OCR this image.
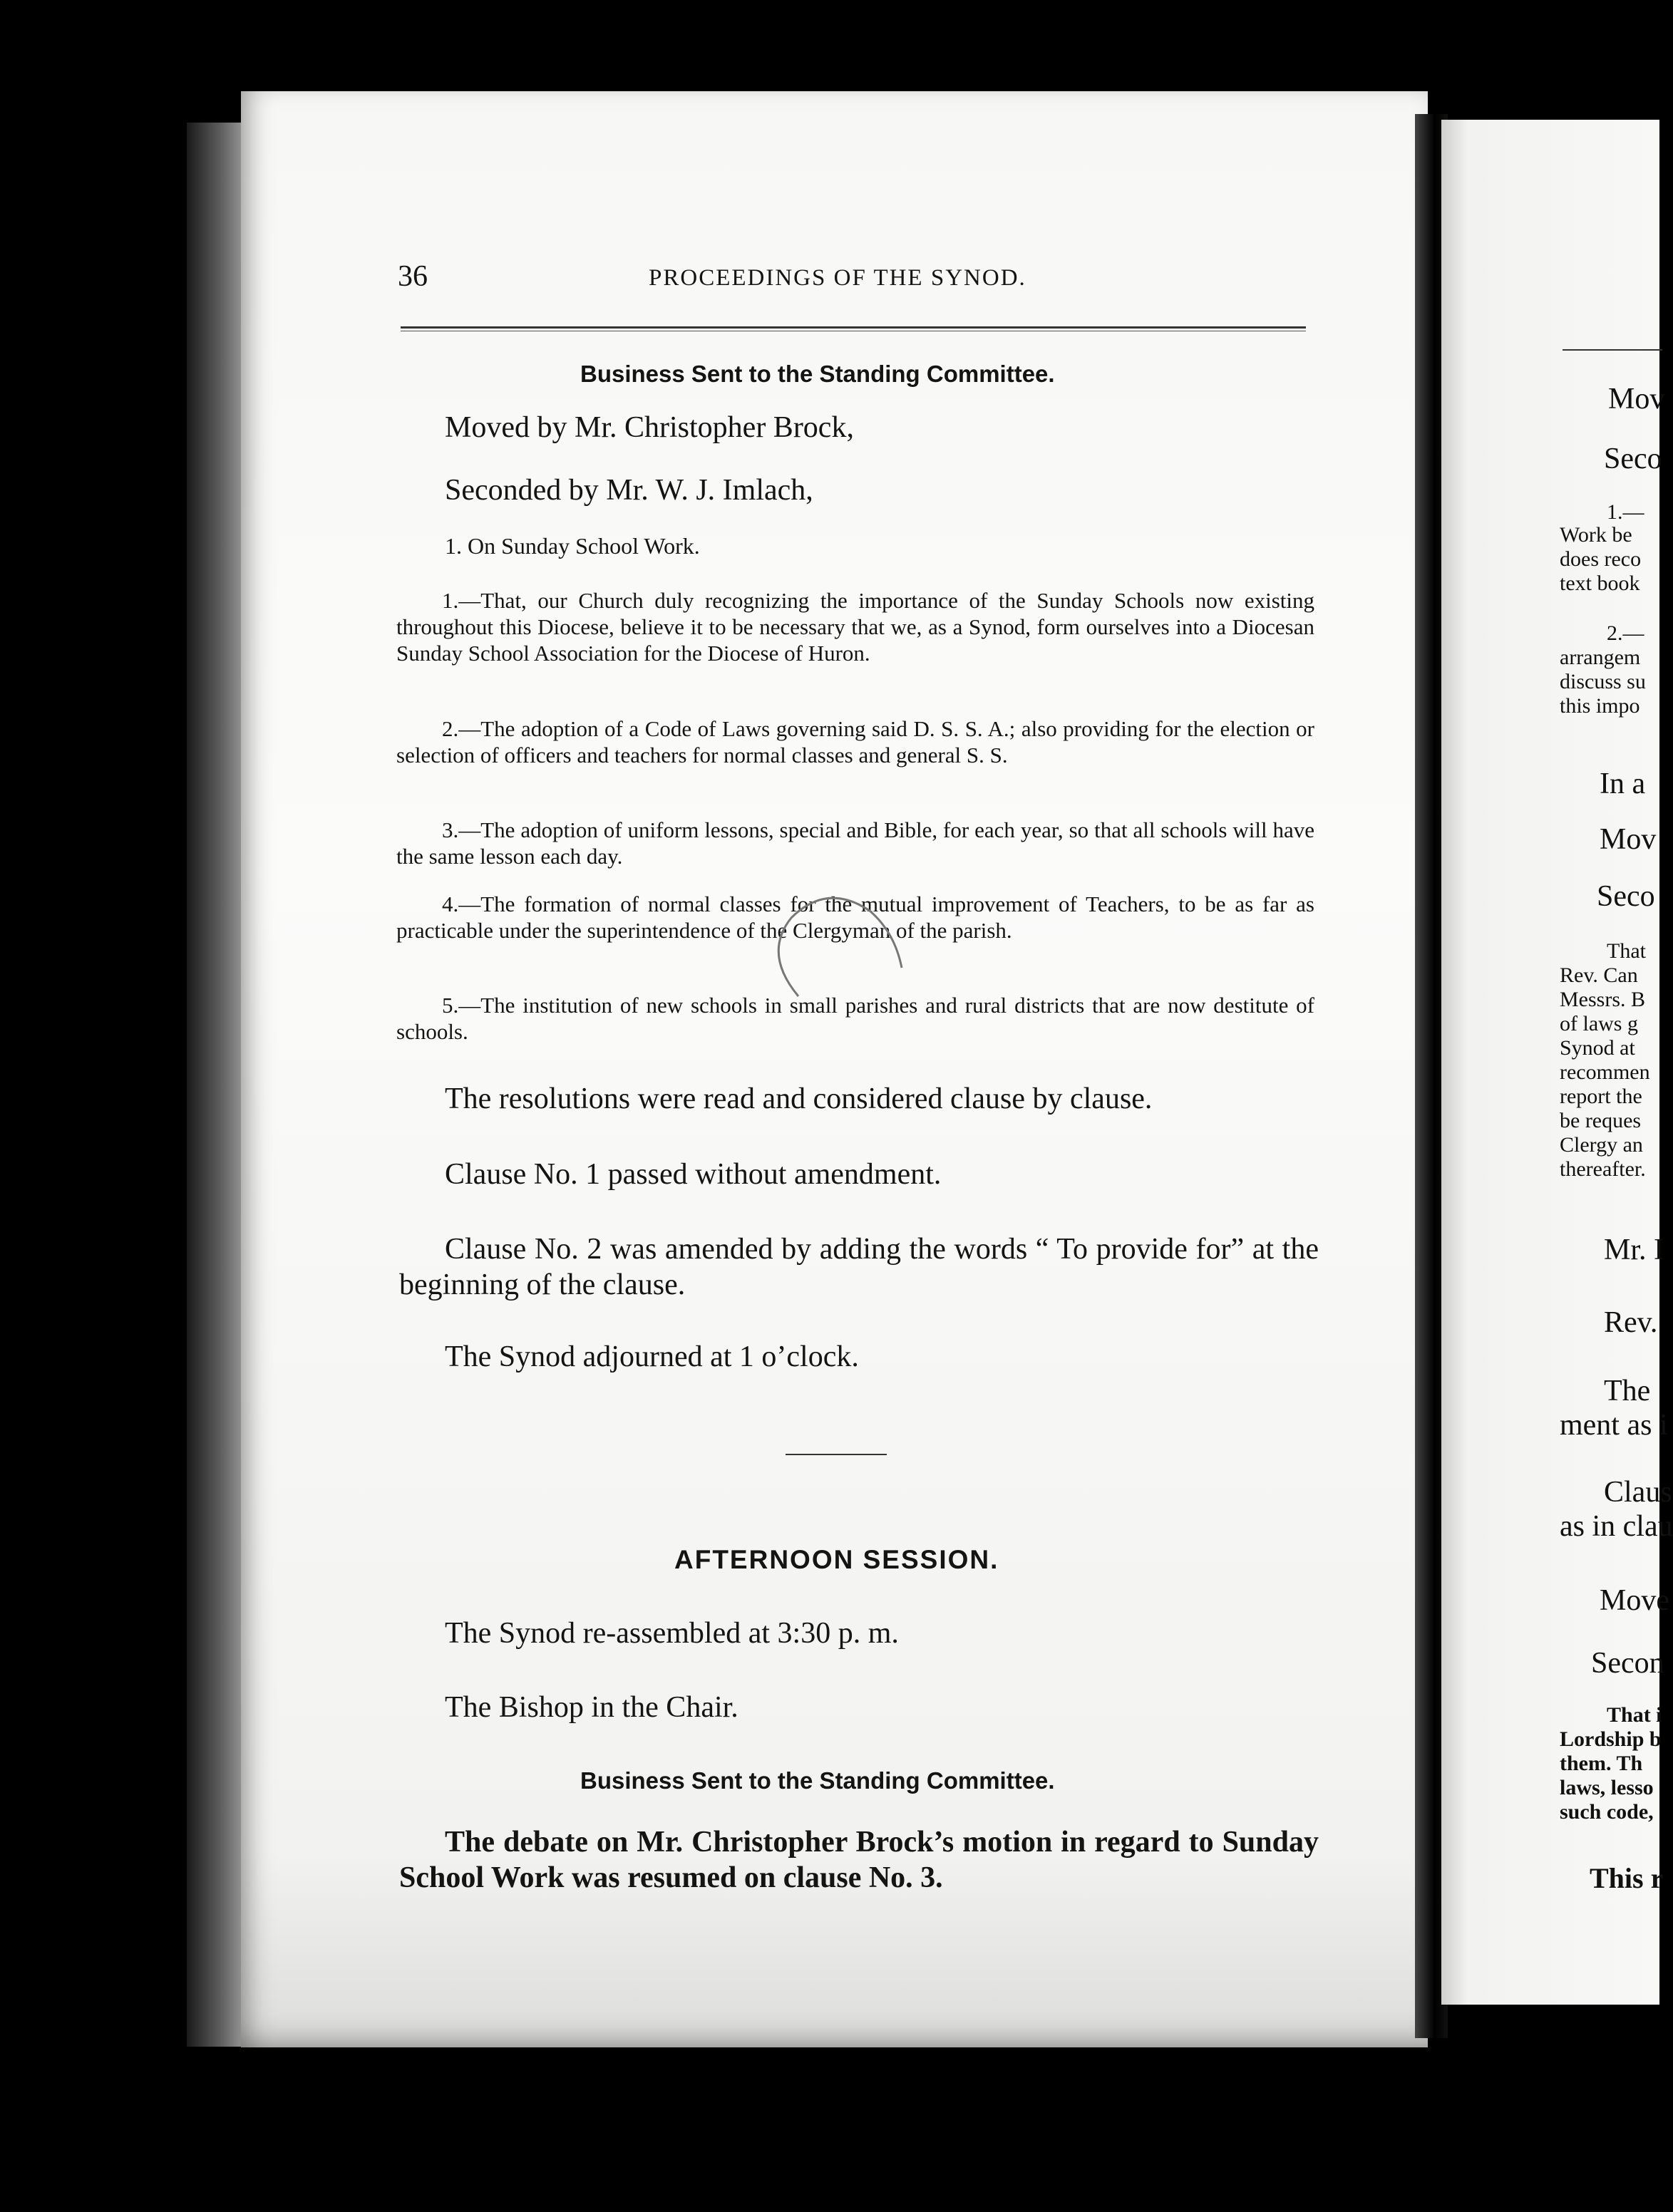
36	PROCEEDINGS OF THE SYNOD.

Business Sent to the Standing Committee.

Moved by Mr. Christopher Brock,

Seconded by Mr. W. J. Imlach,

1. On Sunday School Work.

1.—That, our Church duly recognizing the importance of the Sunday Schools now existing throughout this Diocese, believe it to be necessary that we, as a Synod, form ourselves into a Diocesan Sunday School Association for the Diocese of Huron.

2.—The adoption of a Code of Laws governing said D. S. S. A.; also providing for the election or selection of officers and teachers for normal classes and general S. S.

3.—The adoption of uniform lessons, special and Bible, for each year, so that all schools will have the same lesson each day.

4.—The formation of normal classes for the mutual improvement of Teachers, to be as far as practicable under the superintendence of the Clergyman of the parish.

5.—The institution of new schools in small parishes and rural districts that are now destitute of schools.

The resolutions were read and considered clause by clause.

Clause No. 1 passed without amendment.

Clause No. 2 was amended by adding the words “ To provide for” at the beginning of the clause.

The Synod adjourned at 1 o’clock.

AFTERNOON SESSION.

The Synod re-assembled at 3:30 p. m.

The Bishop in the Chair.

Business Sent to the Standing Committee.

The debate on Mr. Christopher Brock’s motion in regard to Sunday School Work was resumed on clause No. 3.

Mov

Seco

1.—

Work be

does reco

text book

2.—

arrangem

discuss su

this impo

In a

Mov

Seco

That

Rev. Can

Messrs. B

of laws g

Synod at

recommen

report the

be reques

Clergy an

thereafter.

Mr. I

Rev.

The

ment as i

Claus

as in clau

Move

Secon

That i

Lordship b

them. Th

laws, lesso

such code,

This r
